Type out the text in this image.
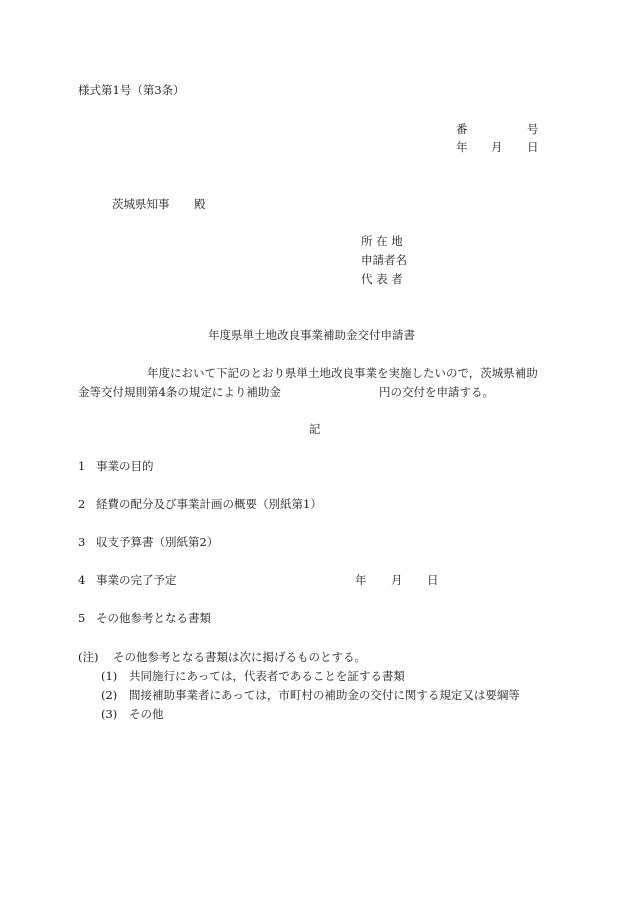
様式第1号（第3条）
番	号
年 月 日
茨城県知事 殿
所 在 地
申請者名
代 表 者
年度県単土地改良事業補助金交付申請書
年度において下記のとおり県単土地改良事業を実施したいので，茨城県補助
金等交付規則第4条の規定により補助金	円の交付を申請する。
記
1 事業の目的
2 経費の配分及び事業計画の概要（別紙第1）
3 収支予算書（別紙第2）
4 事業の完了予定	年 月 日
5 その他参考となる書類
(注) その他参考となる書類は次に掲げるものとする。
(1) 共同施行にあっては，代表者であることを証する書類
(2) 間接補助事業者にあっては，市町村の補助金の交付に関する規定又は要綱等
(3) その他
